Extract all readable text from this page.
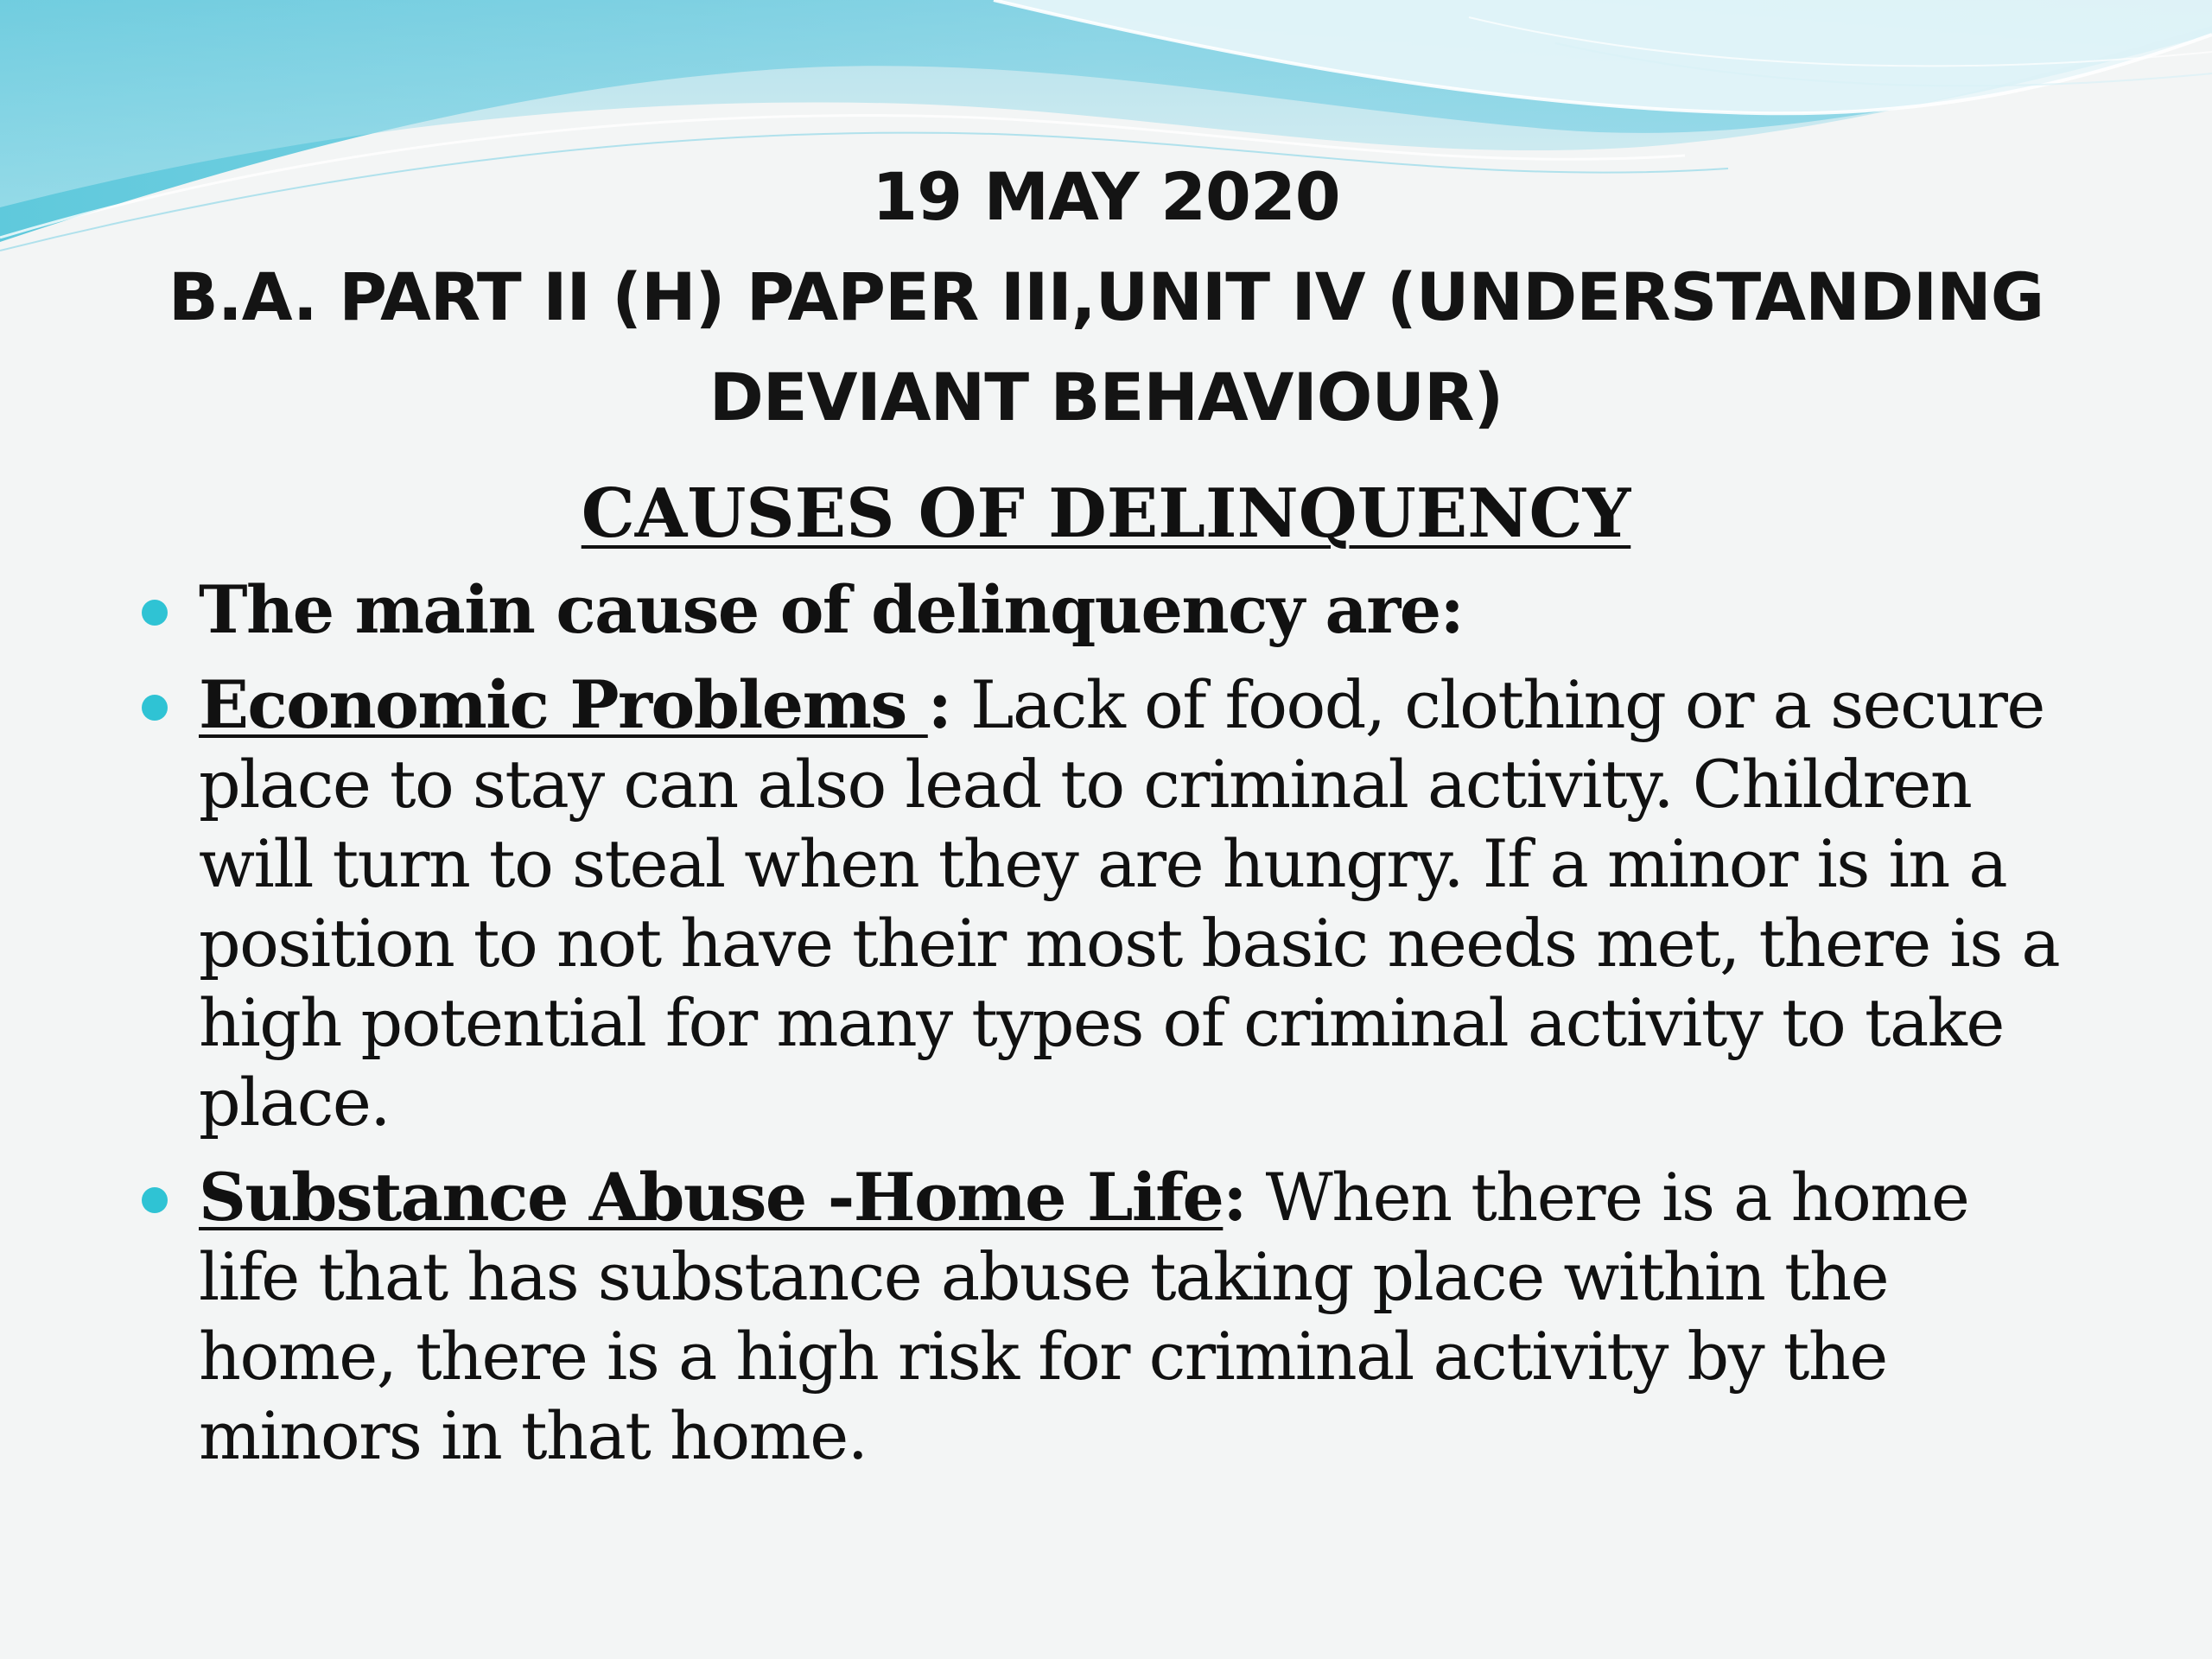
19 MAY 2020
B.A. PART II (H) PAPER III,UNIT IV (UNDERSTANDING
DEVIANT BEHAVIOUR)
CAUSES OF DELINQUENCY
The main cause of delinquency are:
Economic Problems : Lack of food, clothing or a secure place to stay can also lead to criminal activity. Children will turn to steal when they are hungry. If a minor is in a position to not have their most basic needs met, there is a high potential for many types of criminal activity to take place.
Substance Abuse -Home Life: When there is a home life that has substance abuse taking place within the home, there is a high risk for criminal activity by the minors in that home.
